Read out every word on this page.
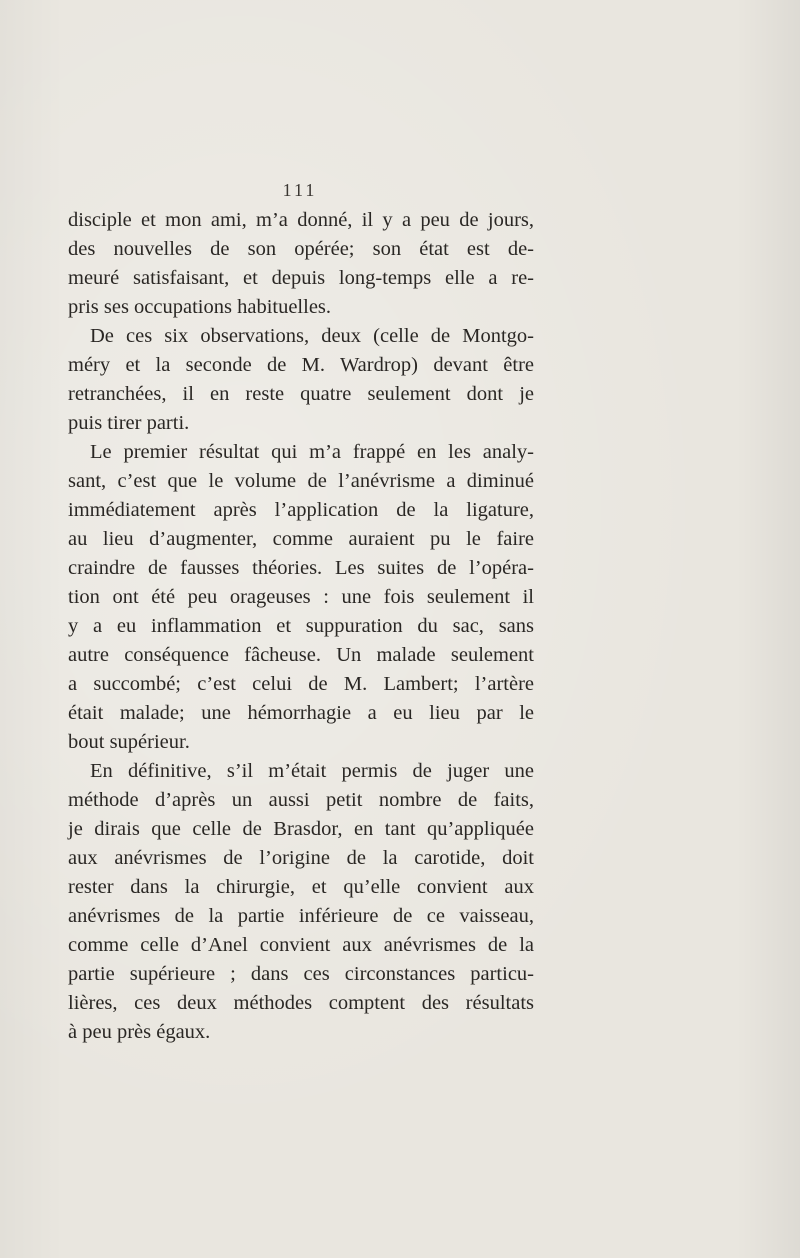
111
disciple et mon ami, m’a donné, il y a peu de jours,
des nouvelles de son opérée; son état est de-
meuré satisfaisant, et depuis long-temps elle a re-
pris ses occupations habituelles.
De ces six observations, deux (celle de Montgo-
méry et la seconde de M. Wardrop) devant être
retranchées, il en reste quatre seulement dont je
puis tirer parti.
Le premier résultat qui m’a frappé en les analy-
sant, c’est que le volume de l’anévrisme a diminué
immédiatement après l’application de la ligature,
au lieu d’augmenter, comme auraient pu le faire
craindre de fausses théories. Les suites de l’opéra-
tion ont été peu orageuses : une fois seulement il
y a eu inflammation et suppuration du sac, sans
autre conséquence fâcheuse. Un malade seulement
a succombé; c’est celui de M. Lambert; l’artère
était malade; une hémorrhagie a eu lieu par le
bout supérieur.
En définitive, s’il m’était permis de juger une
méthode d’après un aussi petit nombre de faits,
je dirais que celle de Brasdor, en tant qu’appliquée
aux anévrismes de l’origine de la carotide, doit
rester dans la chirurgie, et qu’elle convient aux
anévrismes de la partie inférieure de ce vaisseau,
comme celle d’Anel convient aux anévrismes de la
partie supérieure ; dans ces circonstances particu-
lières, ces deux méthodes comptent des résultats
à peu près égaux.
